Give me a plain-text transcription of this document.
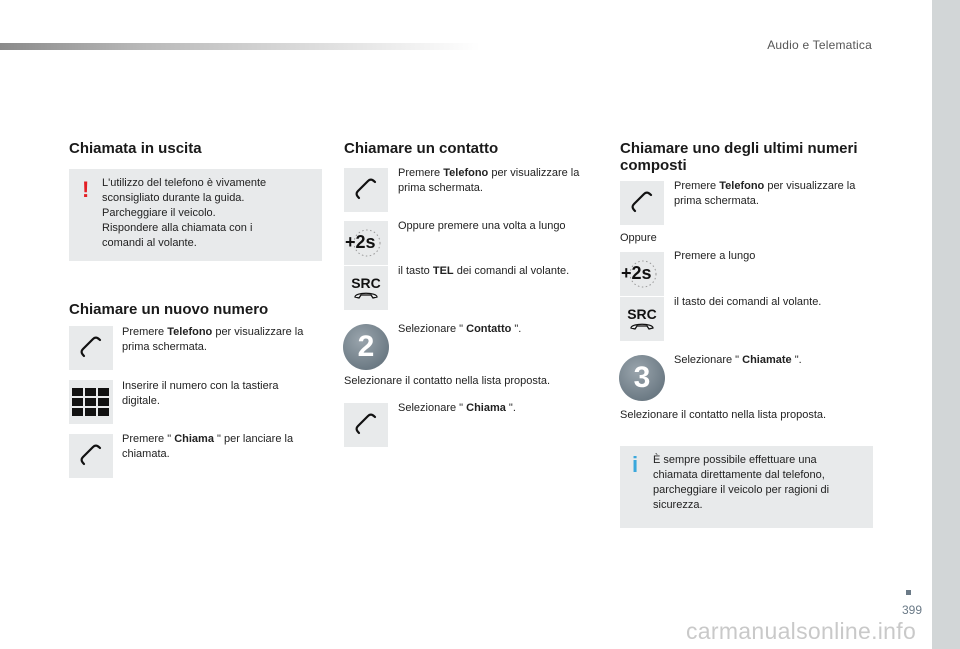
Audio e Telematica
Chiamata in uscita
! L'utilizzo del telefono è vivamente
sconsigliato durante la guida.
Parcheggiare il veicolo.
Rispondere alla chiamata con i
comandi al volante.
Chiamare un nuovo numero
Premere Telefono per visualizzare la
prima schermata.
Inserire il numero con la tastiera
digitale.
Premere " Chiama " per lanciare la
chiamata.
Chiamare un contatto
Premere Telefono per visualizzare la
prima schermata.
+2s
Oppure premere una volta a lungo
SRC
il tasto TEL dei comandi al volante.
2
Selezionare " Contatto ".
Selezionare il contatto nella lista proposta.
Selezionare " Chiama ".
Chiamare uno degli ultimi numeri
composti
Premere Telefono per visualizzare la
prima schermata.
Oppure
+2s
Premere a lungo
SRC
il tasto dei comandi al volante.
3
Selezionare " Chiamate ".
Selezionare il contatto nella lista proposta.
i È sempre possibile effettuare una
chiamata direttamente dal telefono,
parcheggiare il veicolo per ragioni di
sicurezza.
399
carmanualsonline.info
